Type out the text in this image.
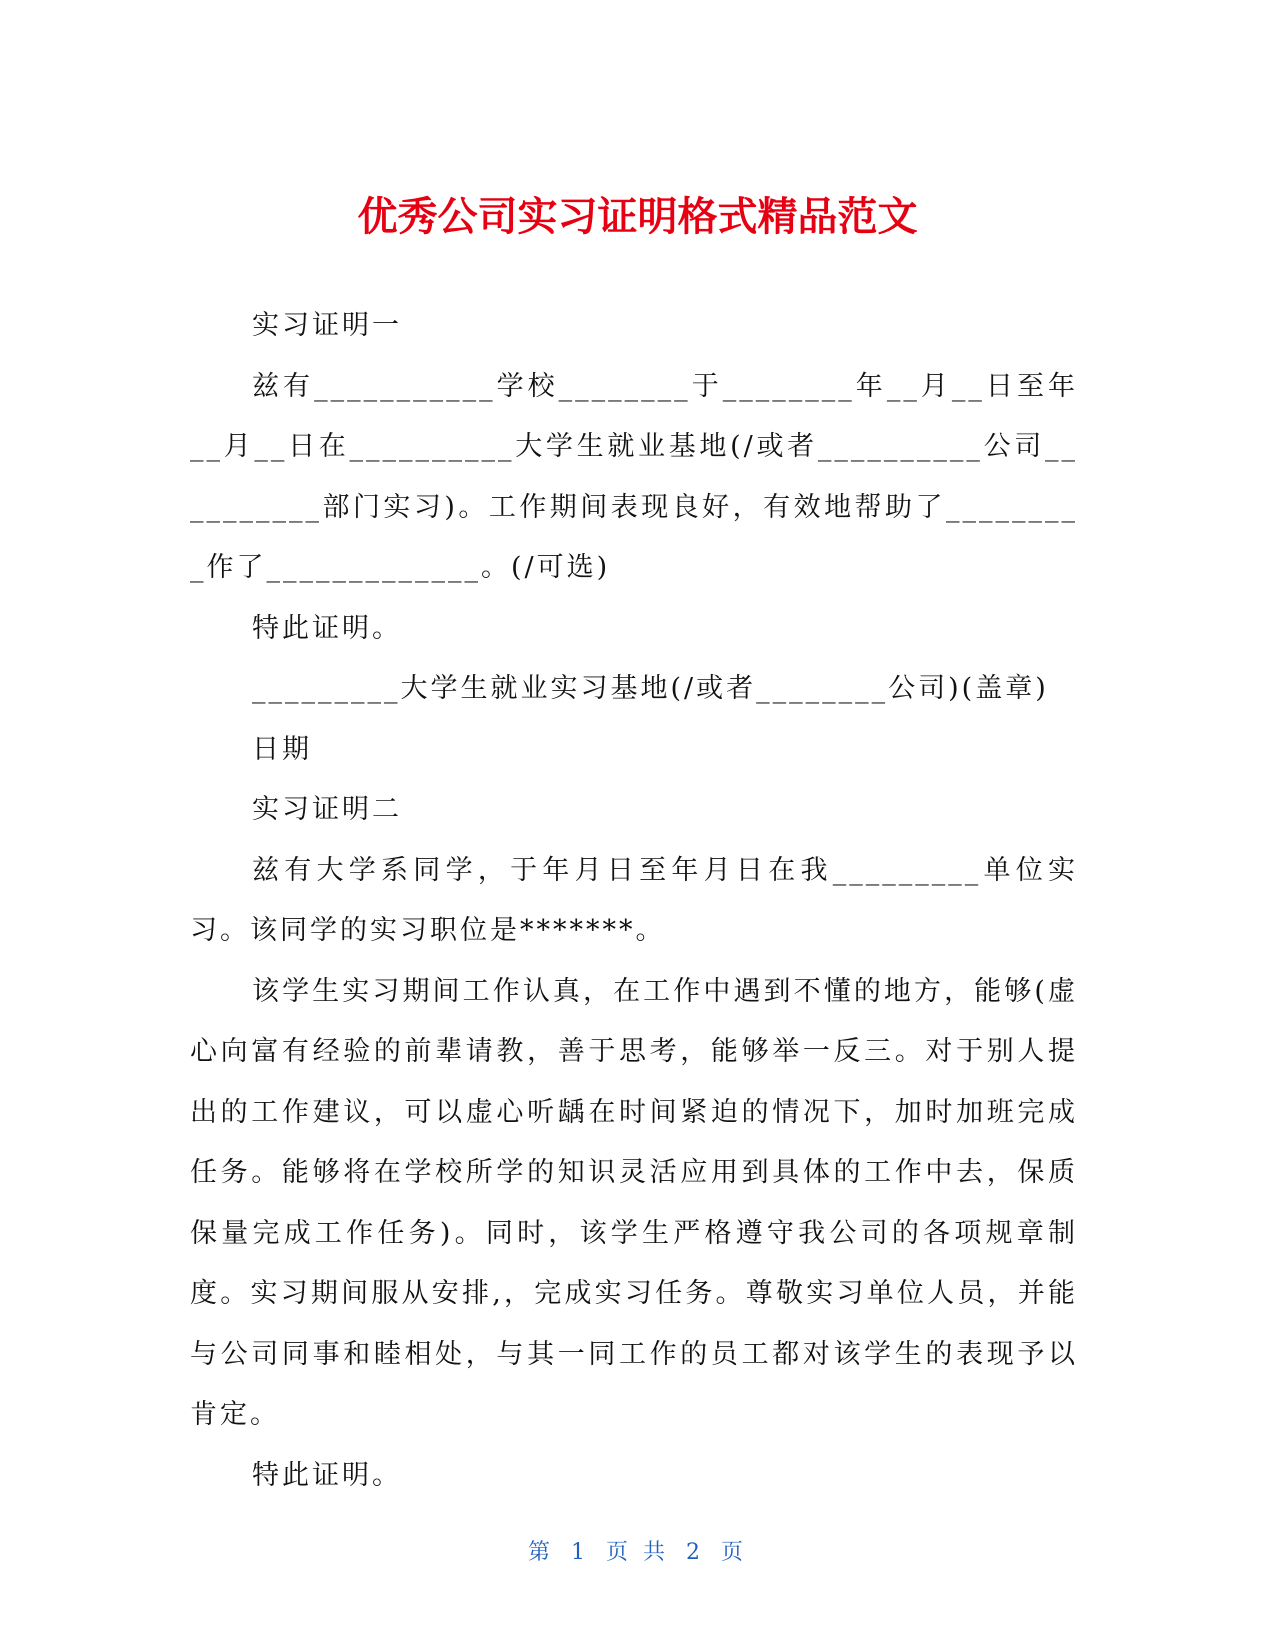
优秀公司实习证明格式精品范文

实习证明一

兹有___________学校________于________年__月__日至年__月__日在__________大学生就业基地(/或者__________公司__________部门实习)。工作期间表现良好，有效地帮助了_________作了_____________。(/可选)

特此证明。

_________大学生就业实习基地(/或者________公司)(盖章)

日期

实习证明二

兹有大学系同学，于年月日至年月日在我_________单位实习。该同学的实习职位是*******。

该学生实习期间工作认真，在工作中遇到不懂的地方，能够(虚心向富有经验的前辈请教，善于思考，能够举一反三。对于别人提出的工作建议，可以虚心听龋在时间紧迫的情况下，加时加班完成任务。能够将在学校所学的知识灵活应用到具体的工作中去，保质保量完成工作任务)。同时，该学生严格遵守我公司的各项规章制度。实习期间服从安排,，完成实习任务。尊敬实习单位人员，并能与公司同事和睦相处，与其一同工作的员工都对该学生的表现予以肯定。

特此证明。

第 1 页 共 2 页
